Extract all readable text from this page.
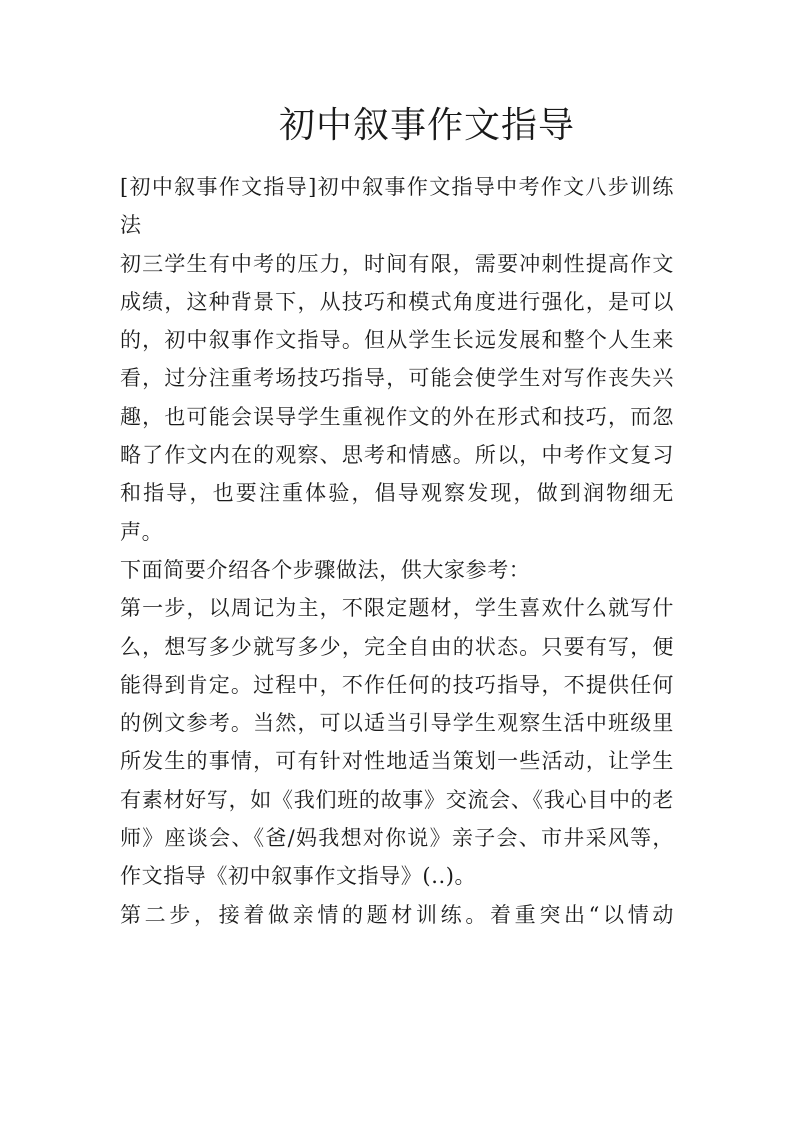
初中叙事作文指导

[初中叙事作文指导]初中叙事作文指导中考作文八步训练法

初三学生有中考的压力，时间有限，需要冲刺性提高作文成绩，这种背景下，从技巧和模式角度进行强化，是可以的，初中叙事作文指导。但从学生长远发展和整个人生来看，过分注重考场技巧指导，可能会使学生对写作丧失兴趣，也可能会误导学生重视作文的外在形式和技巧，而忽略了作文内在的观察、思考和情感。所以，中考作文复习和指导，也要注重体验，倡导观察发现，做到润物细无声。

下面简要介绍各个步骤做法，供大家参考：

第一步，以周记为主，不限定题材，学生喜欢什么就写什么，想写多少就写多少，完全自由的状态。只要有写，便能得到肯定。过程中，不作任何的技巧指导，不提供任何的例文参考。当然，可以适当引导学生观察生活中班级里所发生的事情，可有针对性地适当策划一些活动，让学生有素材好写，如《我们班的故事》交流会、《我心目中的老师》座谈会、《爸/妈我想对你说》亲子会、市井采风等，作文指导《初中叙事作文指导》(..)。

第二步，接着做亲情的题材训练。着重突出“以情动
